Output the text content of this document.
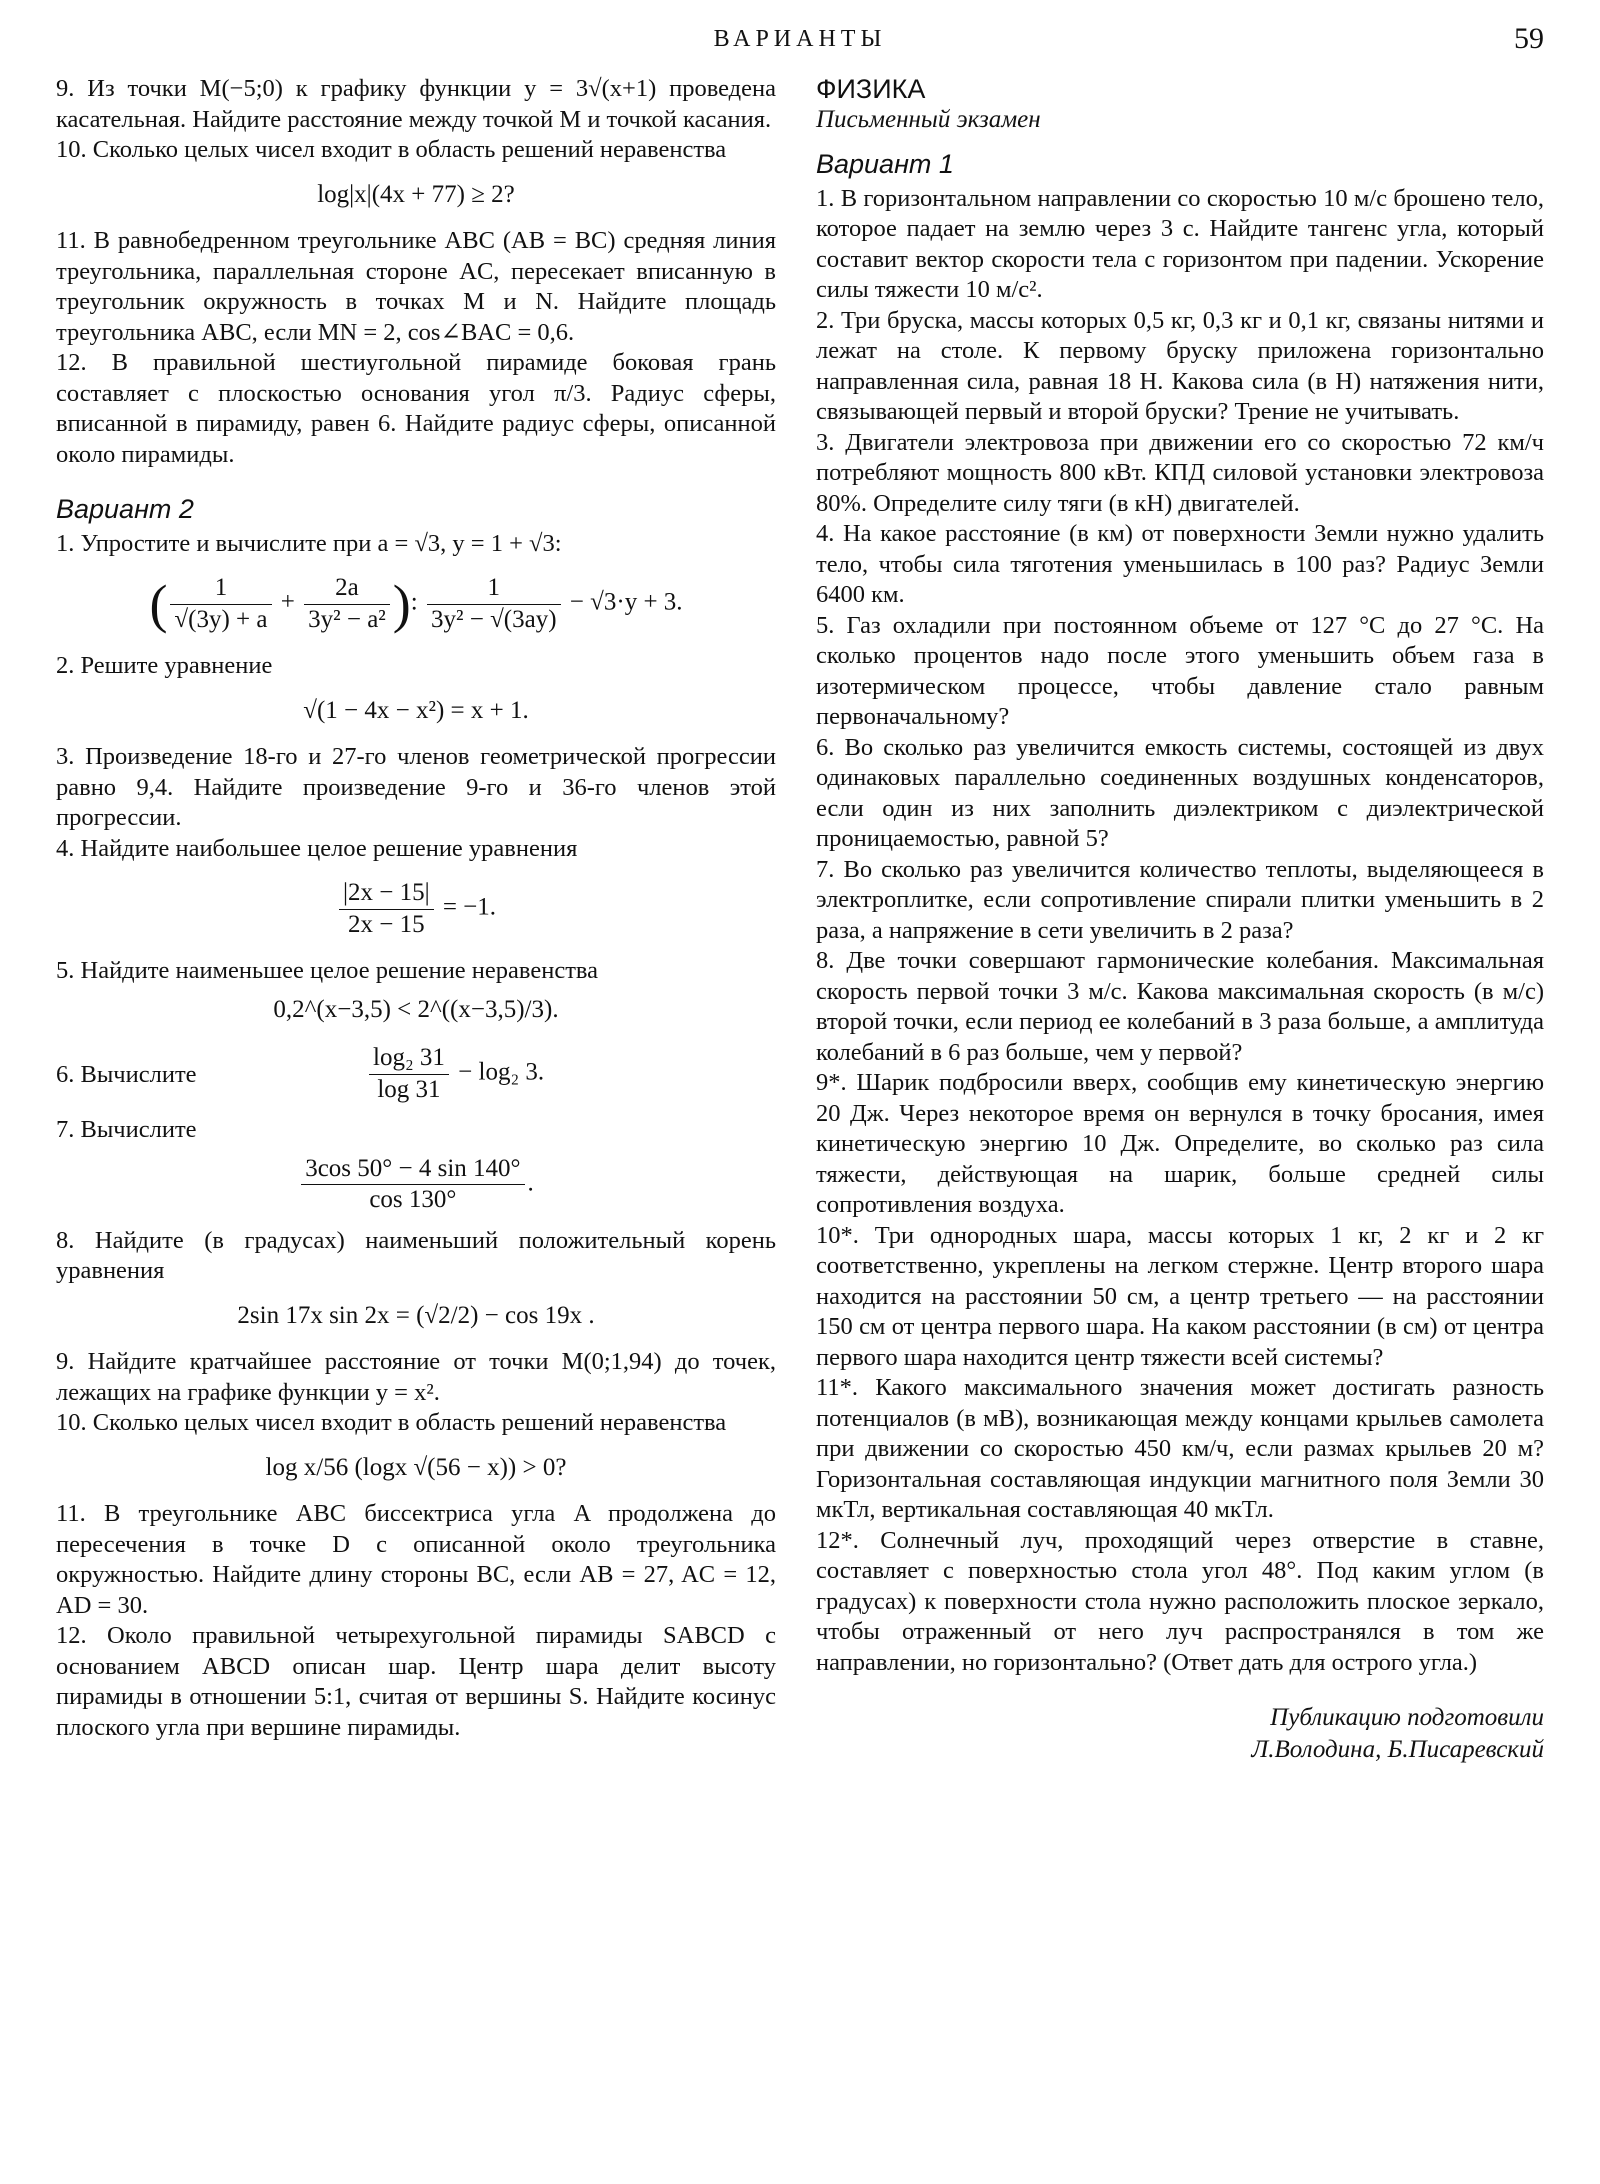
ВАРИАНТЫ	59

9. Из точки M(−5;0) к графику функции y = 3√(x+1) проведена касательная. Найдите расстояние между точкой M и точкой касания.

10. Сколько целых чисел входит в область решений неравенства

log|x|(4x + 77) ≥ 2?

11. В равнобедренном треугольнике ABC (AB = BC) средняя линия треугольника, параллельная стороне AC, пересекает вписанную в треугольник окружность в точках M и N. Найдите площадь треугольника ABC, если MN = 2, cos∠BAC = 0,6.

12. В правильной шестиугольной пирамиде боковая грань составляет с плоскостью основания угол π/3. Радиус сферы, вписанной в пирамиду, равен 6. Найдите радиус сферы, описанной около пирамиды.

Вариант 2

1. Упростите и вычислите при a = √3, y = 1 + √3:

( $\frac{1}{√(3y) + a} + \frac{2a}{\text{3y² − a²}}$ ): $\frac{1}{\text{3y² − √(3ay)}} - √3\cdot y + 3$.

2. Решите уравнение

√(1 − 4x − x²) = x + 1.

3. Произведение 18-го и 27-го членов геометрической прогрессии равно 9,4. Найдите произведение 9-го и 36-го членов этой прогрессии.

4. Найдите наибольшее целое решение уравнения

$\frac{|2x - 15|}{2x - 15} = -1$.

5. Найдите наименьшее целое решение неравенства

0,2^(x−3,5) < 2^((x−3,5)/3).
6. Вычислите	$\frac{\text{log₂ 31}}{\log 31} - \log_2$ 3.

7. Вычислите

$\frac{3\cos 50^\circ - 4 \sin 140^\circ}{\cos 130^\circ}$ .

8. Найдите (в градусах) наименьший положительный корень уравнения

2sin 17x sin 2x = (√2/2) − cos 19x .

9. Найдите кратчайшее расстояние от точки M(0;1,94) до точек, лежащих на графике функции y = x².

10. Сколько целых чисел входит в область решений неравенства

log x/56 (logx √(56 − x)) > 0?

11. В треугольнике ABC биссектриса угла A продолжена до пересечения в точке D с описанной около треугольника окружностью. Найдите длину стороны BC, если AB = 27, AC = 12, AD = 30.

12. Около правильной четырехугольной пирамиды SABCD с основанием ABCD описан шар. Центр шара делит высоту пирамиды в отношении 5:1, считая от вершины S. Найдите косинус плоского угла при вершине пирамиды.

ФИЗИКА
Письменный экзамен
Вариант 1

1. В горизонтальном направлении со скоростью 10 м/с брошено тело, которое падает на землю через 3 с. Найдите тангенс угла, который составит вектор скорости тела с горизонтом при падении. Ускорение силы тяжести 10 м/с².

2. Три бруска, массы которых 0,5 кг, 0,3 кг и 0,1 кг, связаны нитями и лежат на столе. К первому бруску приложена горизонтально направленная сила, равная 18 Н. Какова сила (в Н) натяжения нити, связывающей первый и второй бруски? Трение не учитывать.

3. Двигатели электровоза при движении его со скоростью 72 км/ч потребляют мощность 800 кВт. КПД силовой установки электровоза 80%. Определите силу тяги (в кН) двигателей.

4. На какое расстояние (в км) от поверхности Земли нужно удалить тело, чтобы сила тяготения уменьшилась в 100 раз? Радиус Земли 6400 км.

5. Газ охладили при постоянном объеме от 127 °C до 27 °C. На сколько процентов надо после этого уменьшить объем газа в изотермическом процессе, чтобы давление стало равным первоначальному?

6. Во сколько раз увеличится емкость системы, состоящей из двух одинаковых параллельно соединенных воздушных конденсаторов, если один из них заполнить диэлектриком с диэлектрической проницаемостью, равной 5?

7. Во сколько раз увеличится количество теплоты, выделяющееся в электроплитке, если сопротивление спирали плитки уменьшить в 2 раза, а напряжение в сети увеличить в 2 раза?

8. Две точки совершают гармонические колебания. Максимальная скорость первой точки 3 м/с. Какова максимальная скорость (в м/с) второй точки, если период ее колебаний в 3 раза больше, а амплитуда колебаний в 6 раз больше, чем у первой?

9*. Шарик подбросили вверх, сообщив ему кинетическую энергию 20 Дж. Через некоторое время он вернулся в точку бросания, имея кинетическую энергию 10 Дж. Определите, во сколько раз сила тяжести, действующая на шарик, больше средней силы сопротивления воздуха.

10*. Три однородных шара, массы которых 1 кг, 2 кг и 2 кг соответственно, укреплены на легком стержне. Центр второго шара находится на расстоянии 50 см, а центр третьего — на расстоянии 150 см от центра первого шара. На каком расстоянии (в см) от центра первого шара находится центр тяжести всей системы?

11*. Какого максимального значения может достигать разность потенциалов (в мВ), возникающая между концами крыльев самолета при движении со скоростью 450 км/ч, если размах крыльев 20 м? Горизонтальная составляющая индукции магнитного поля Земли 30 мкТл, вертикальная составляющая 40 мкТл.

12*. Солнечный луч, проходящий через отверстие в ставне, составляет с поверхностью стола угол 48°. Под каким углом (в градусах) к поверхности стола нужно расположить плоское зеркало, чтобы отраженный от него луч распространялся в том же направлении, но горизонтально? (Ответ дать для острого угла.)

Публикацию подготовили
Л.Володина, Б.Писаревский
